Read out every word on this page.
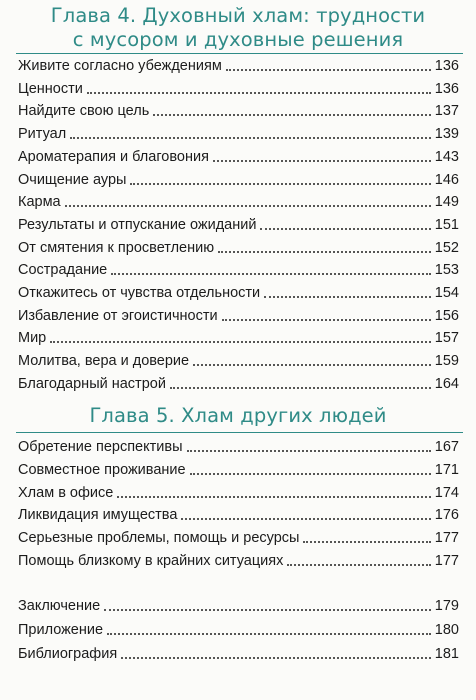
Глава 4. Духовный хлам: трудности
с мусором и духовные решения
Живите согласно убеждениям	136
Ценности	136
Найдите свою цель	137
Ритуал	139
Ароматерапия и благовония	143
Очищение ауры	146
Карма	149
Результаты и отпускание ожиданий	151
От смятения к просветлению	152
Сострадание	153
Откажитесь от чувства отдельности	154
Избавление от эгоистичности	156
Мир	157
Молитва, вера и доверие	159
Благодарный настрой	164
Глава 5. Хлам других людей
Обретение перспективы	167
Совместное проживание	171
Хлам в офисе	174
Ликвидация имущества	176
Серьезные проблемы, помощь и ресурсы	177
Помощь близкому в крайних ситуациях	177
Заключение	179
Приложение	180
Библиография	181
